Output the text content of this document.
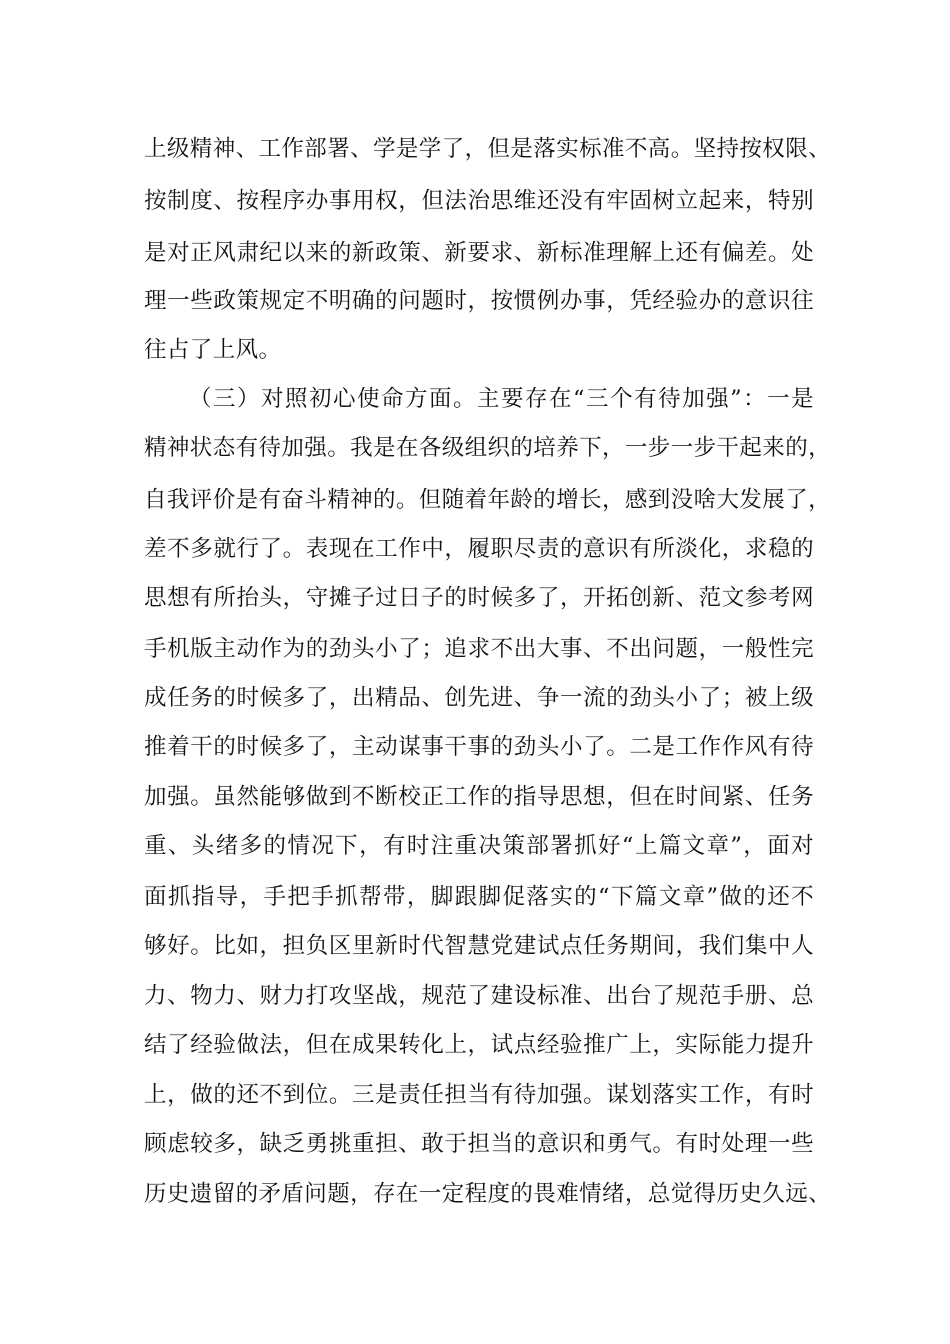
上级精神、工作部署、学是学了，但是落实标准不高。坚持按权限、
按制度、按程序办事用权，但法治思维还没有牢固树立起来，特别
是对正风肃纪以来的新政策、新要求、新标准理解上还有偏差。处
理一些政策规定不明确的问题时，按惯例办事，凭经验办的意识往
往占了上风。
（三）对照初心使命方面。主要存在“三个有待加强”：一是
精神状态有待加强。我是在各级组织的培养下，一步一步干起来的，
自我评价是有奋斗精神的。但随着年龄的增长，感到没啥大发展了，
差不多就行了。表现在工作中，履职尽责的意识有所淡化，求稳的
思想有所抬头，守摊子过日子的时候多了，开拓创新、范文参考网
手机版主动作为的劲头小了；追求不出大事、不出问题，一般性完
成任务的时候多了，出精品、创先进、争一流的劲头小了；被上级
推着干的时候多了，主动谋事干事的劲头小了。二是工作作风有待
加强。虽然能够做到不断校正工作的指导思想，但在时间紧、任务
重、头绪多的情况下，有时注重决策部署抓好“上篇文章”，面对
面抓指导，手把手抓帮带，脚跟脚促落实的“下篇文章”做的还不
够好。比如，担负区里新时代智慧党建试点任务期间，我们集中人
力、物力、财力打攻坚战，规范了建设标准、出台了规范手册、总
结了经验做法，但在成果转化上，试点经验推广上，实际能力提升
上，做的还不到位。三是责任担当有待加强。谋划落实工作，有时
顾虑较多，缺乏勇挑重担、敢于担当的意识和勇气。有时处理一些
历史遗留的矛盾问题，存在一定程度的畏难情绪，总觉得历史久远、
